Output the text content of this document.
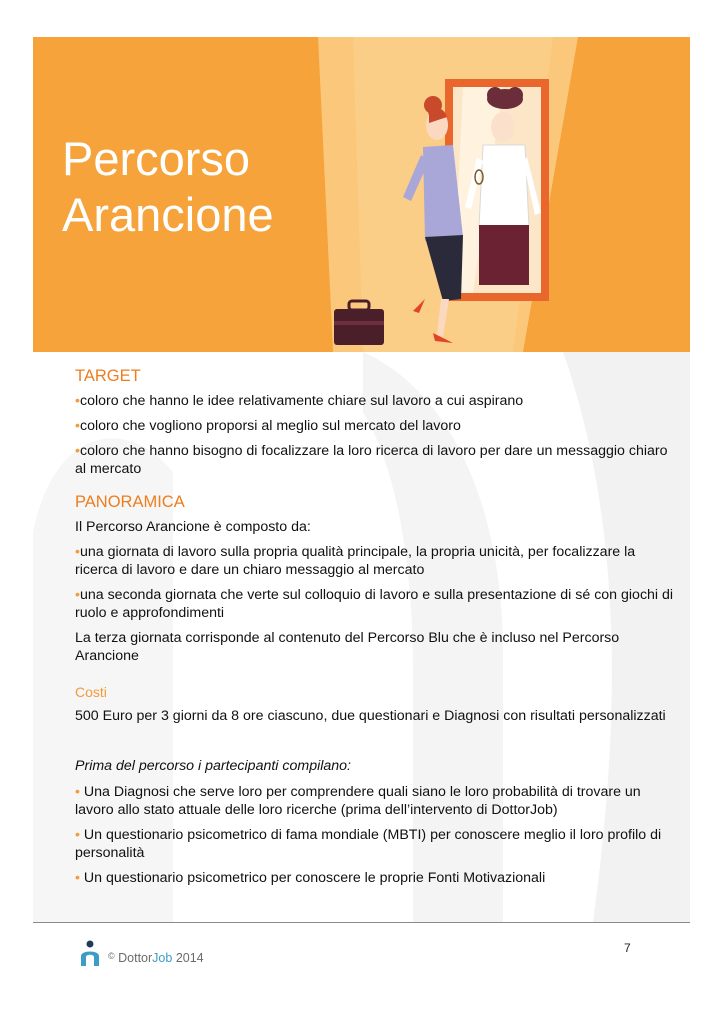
Percorso
Arancione
TARGET

•coloro che hanno le idee relativamente chiare sul lavoro a cui aspirano

•coloro che vogliono proporsi al meglio sul mercato del lavoro

•coloro che hanno bisogno di focalizzare la loro ricerca di lavoro per dare un messaggio chiaro al mercato

PANORAMICA

Il Percorso Arancione è composto da:

•una giornata di lavoro sulla propria qualità principale, la propria unicità, per focalizzare la ricerca di lavoro e dare un chiaro messaggio al mercato

•una seconda giornata che verte sul colloquio di lavoro e sulla presentazione di sé con giochi di ruolo e approfondimenti

La terza giornata corrisponde al contenuto del Percorso Blu che è incluso nel Percorso Arancione

Costi

500 Euro per 3 giorni da 8 ore ciascuno, due questionari e Diagnosi con risultati personalizzati

Prima del percorso i partecipanti compilano:

• Una Diagnosi che serve loro per comprendere quali siano le loro probabilità di trovare un lavoro allo stato attuale delle loro ricerche (prima dell’intervento di DottorJob)

• Un questionario psicometrico di fama mondiale (MBTI) per conoscere meglio il loro profilo di personalità

• Un questionario psicometrico per conoscere le proprie Fonti Motivazionali

7
© DottorJob 2014
